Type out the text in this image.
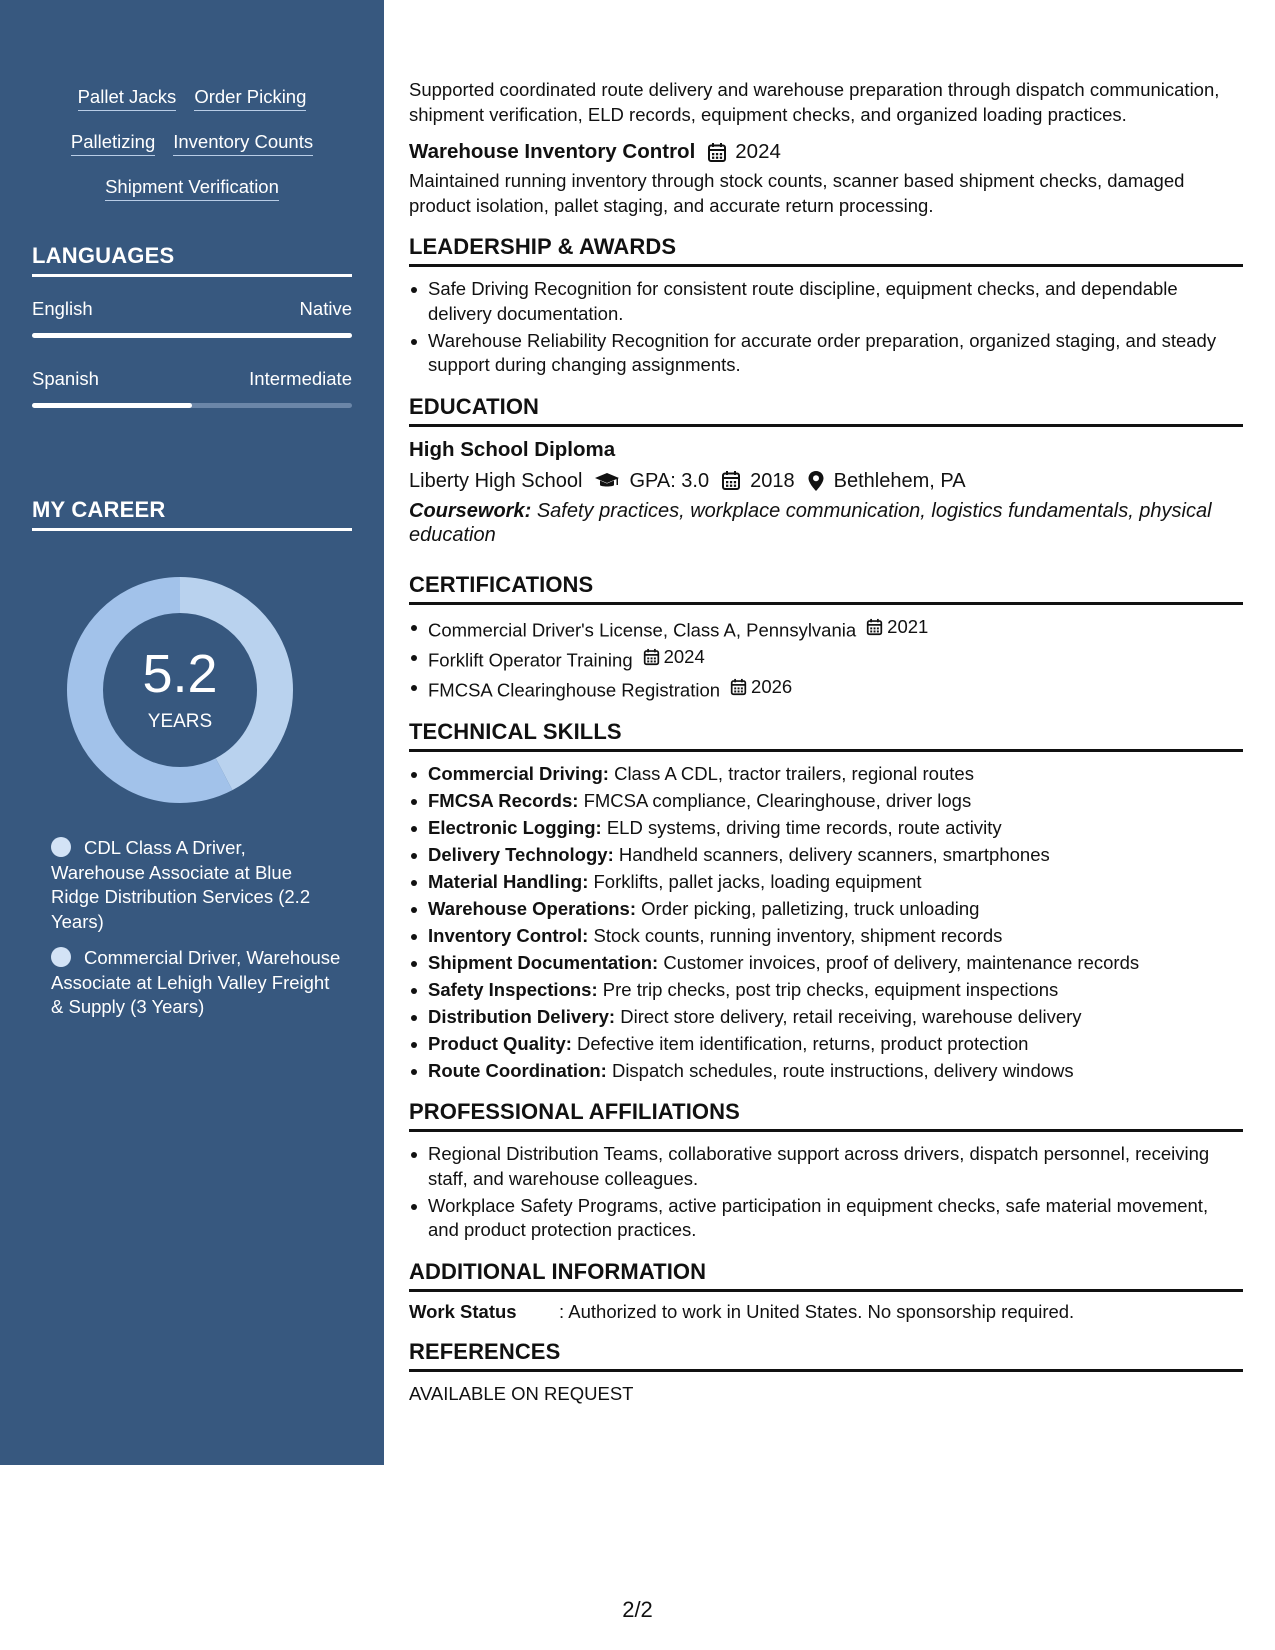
Pallet Jacks Order Picking
Palletizing Inventory Counts
Shipment Verification
LANGUAGES
English	Native
Spanish	Intermediate
MY CAREER
5.2
YEARS
CDL Class A Driver, Warehouse Associate at Blue Ridge Distribution Services (2.2 Years)
Commercial Driver, Warehouse Associate at Lehigh Valley Freight & Supply (3 Years)

Supported coordinated route delivery and warehouse preparation through dispatch communication, shipment verification, ELD records, equipment checks, and organized loading practices.

Warehouse Inventory Control 2024

Maintained running inventory through stock counts, scanner based shipment checks, damaged product isolation, pallet staging, and accurate return processing.

LEADERSHIP & AWARDS
Safe Driving Recognition for consistent route discipline, equipment checks, and dependable delivery documentation.
Warehouse Reliability Recognition for accurate order preparation, organized staging, and steady support during changing assignments.
EDUCATION
High School Diploma
Liberty High School GPA: 3.0 2018 Bethlehem, PA

Coursework: Safety practices, workplace communication, logistics fundamentals, physical education

CERTIFICATIONS
Commercial Driver's License, Class A, Pennsylvania 2021
Forklift Operator Training 2024
FMCSA Clearinghouse Registration 2026
TECHNICAL SKILLS
Commercial Driving: Class A CDL, tractor trailers, regional routes
FMCSA Records: FMCSA compliance, Clearinghouse, driver logs
Electronic Logging: ELD systems, driving time records, route activity
Delivery Technology: Handheld scanners, delivery scanners, smartphones
Material Handling: Forklifts, pallet jacks, loading equipment
Warehouse Operations: Order picking, palletizing, truck unloading
Inventory Control: Stock counts, running inventory, shipment records
Shipment Documentation: Customer invoices, proof of delivery, maintenance records
Safety Inspections: Pre trip checks, post trip checks, equipment inspections
Distribution Delivery: Direct store delivery, retail receiving, warehouse delivery
Product Quality: Defective item identification, returns, product protection
Route Coordination: Dispatch schedules, route instructions, delivery windows
PROFESSIONAL AFFILIATIONS
Regional Distribution Teams, collaborative support across drivers, dispatch personnel, receiving staff, and warehouse colleagues.
Workplace Safety Programs, active participation in equipment checks, safe material movement, and product protection practices.
ADDITIONAL INFORMATION
Work Status	: Authorized to work in United States. No sponsorship required.
REFERENCES

AVAILABLE ON REQUEST

2/2
